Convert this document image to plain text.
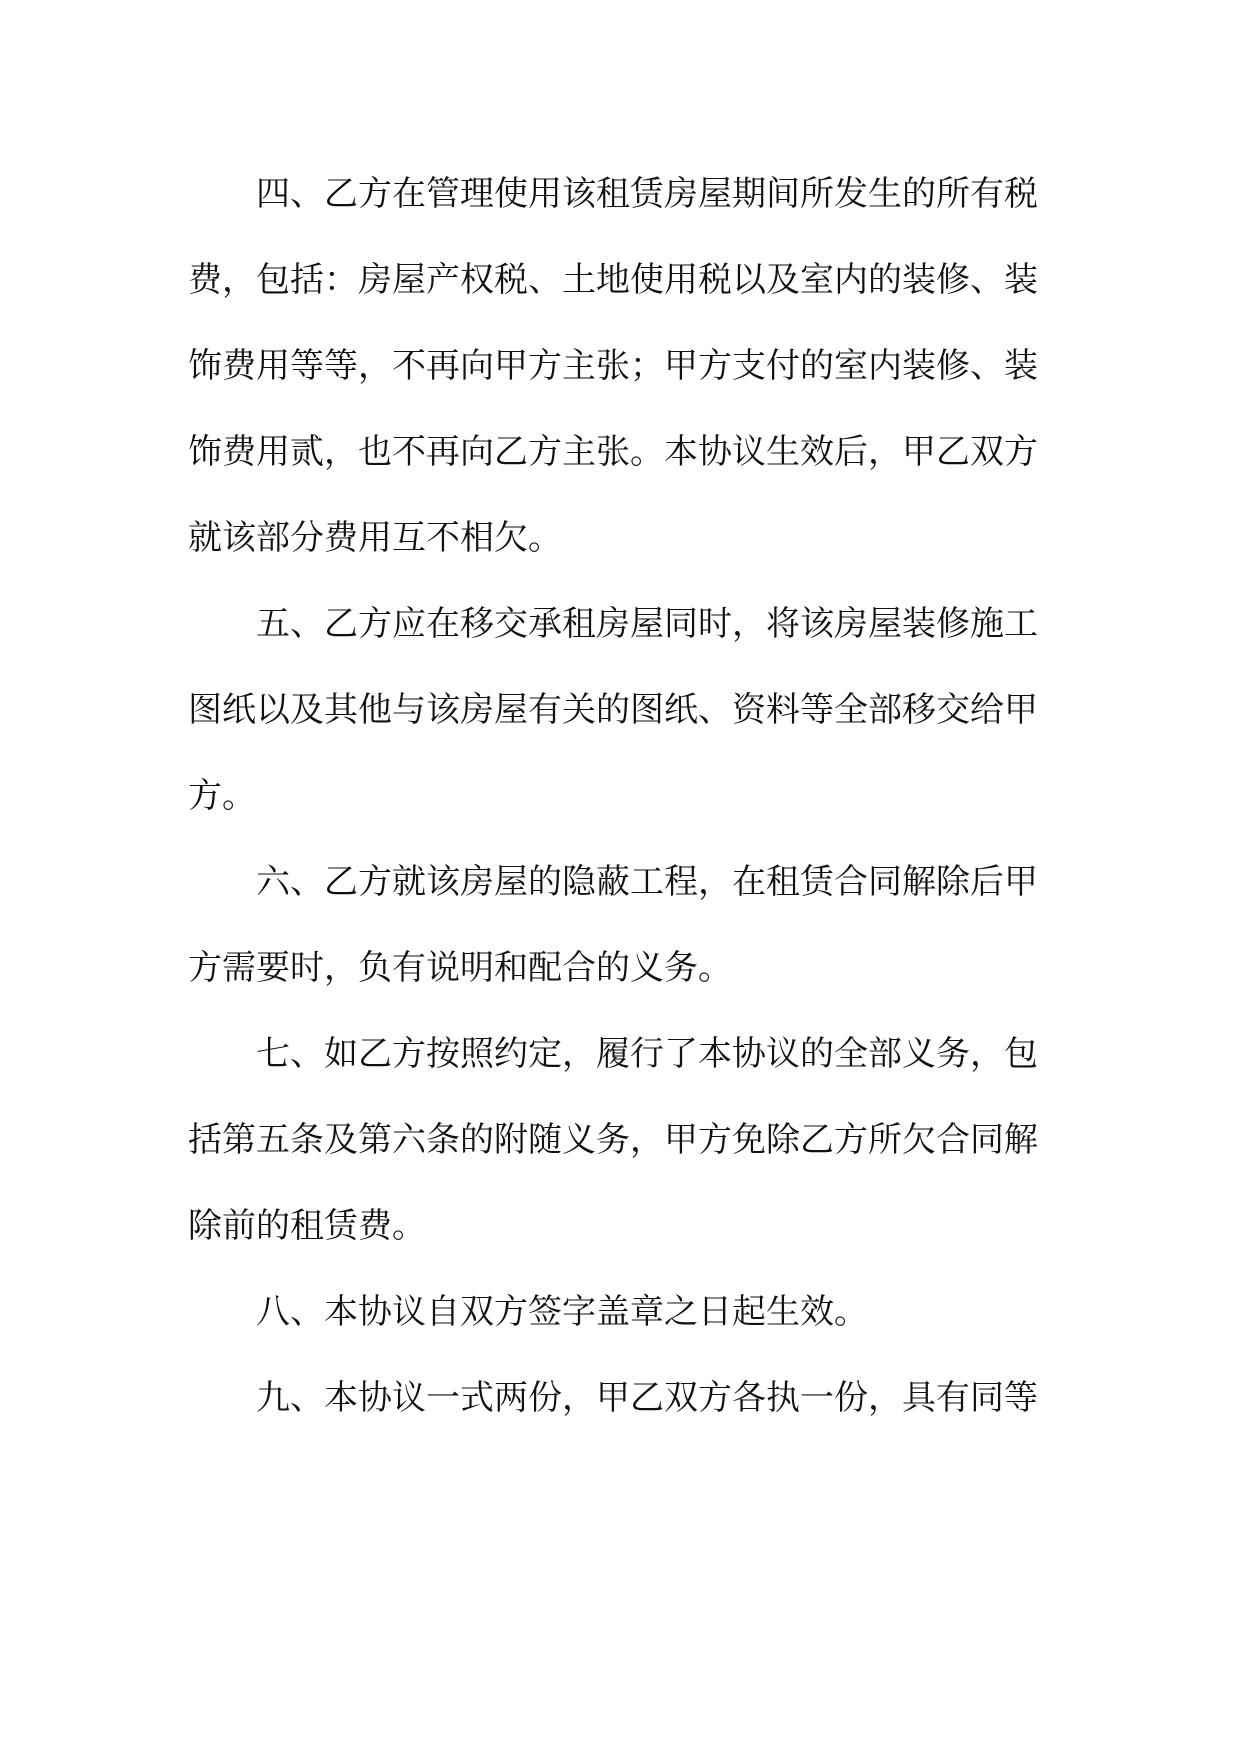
四、乙方在管理使用该租赁房屋期间所发生的所有税
费，包括：房屋产权税、土地使用税以及室内的装修、装
饰费用等等，不再向甲方主张；甲方支付的室内装修、装
饰费用贰，也不再向乙方主张。本协议生效后，甲乙双方
就该部分费用互不相欠。
五、乙方应在移交承租房屋同时，将该房屋装修施工
图纸以及其他与该房屋有关的图纸、资料等全部移交给甲
方。
六、乙方就该房屋的隐蔽工程，在租赁合同解除后甲
方需要时，负有说明和配合的义务。
七、如乙方按照约定，履行了本协议的全部义务，包
括第五条及第六条的附随义务，甲方免除乙方所欠合同解
除前的租赁费。
八、本协议自双方签字盖章之日起生效。
九、本协议一式两份，甲乙双方各执一份，具有同等
